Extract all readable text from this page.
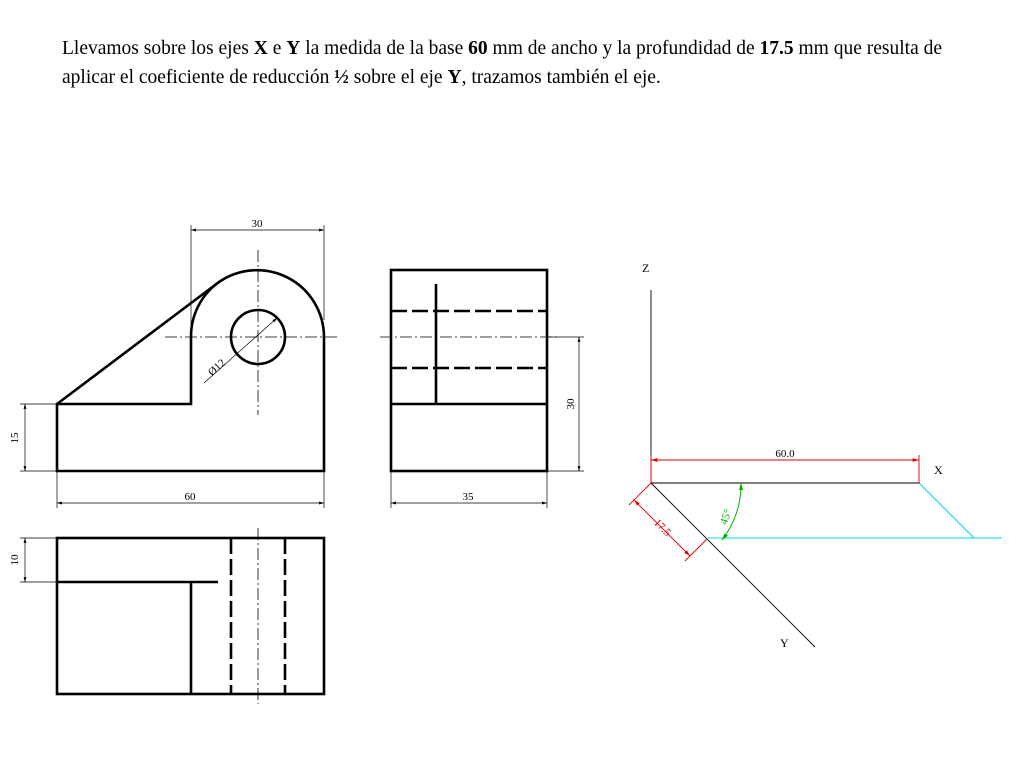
Llevamos sobre los ejes X e Y la medida de la base 60 mm de ancho y la profundidad de 17.5 mm que resulta de aplicar el coeficiente de reducción ½ sobre el eje Y, trazamos también el eje.
30
15
60
Ø12
30
35
10
Z
X
Y
60.0
17.5	45°
